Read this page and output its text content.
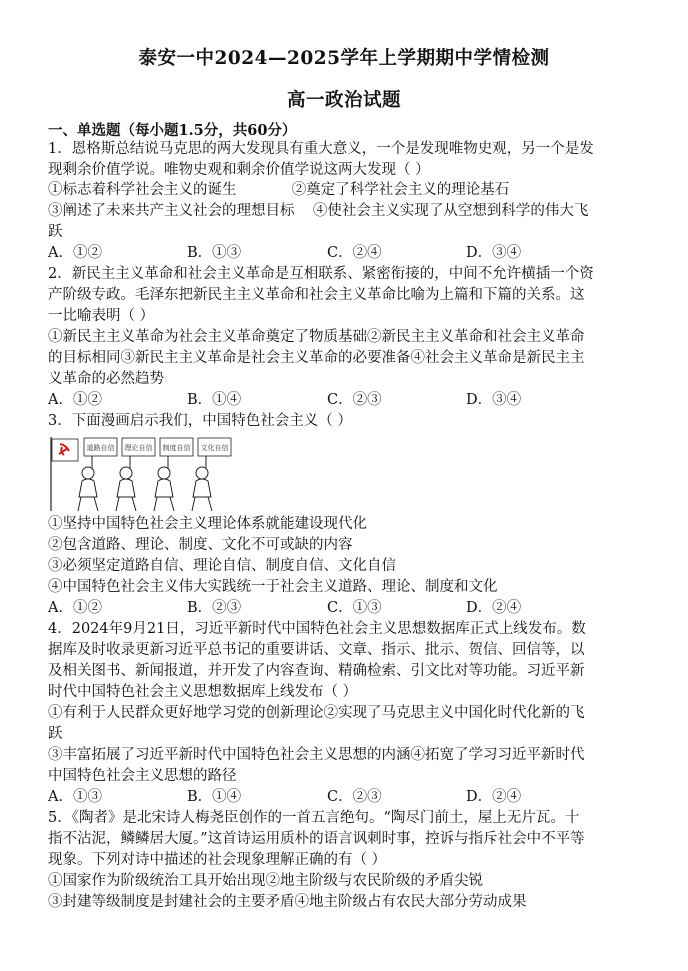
泰安一中2024—2025学年上学期期中学情检测
高一政治试题
一、单选题（每小题1.5分，共60分）
1．恩格斯总结说马克思的两大发现具有重大意义，一个是发现唯物史观，另一个是发
现剩余价值学说。唯物史观和剩余价值学说这两大发现（ ）
①标志着科学社会主义的诞生            ②奠定了科学社会主义的理论基石
③阐述了未来共产主义社会的理想目标    ④使社会主义实现了从空想到科学的伟大飞
跃
A．①②	B．①③	C．②④	D．③④
2．新民主主义革命和社会主义革命是互相联系、紧密衔接的，中间不允许横插一个资
产阶级专政。毛泽东把新民主主义革命和社会主义革命比喻为上篇和下篇的关系。这
一比喻表明（ ）
①新民主主义革命为社会主义革命奠定了物质基础②新民主主义革命和社会主义革命
的目标相同③新民主主义革命是社会主义革命的必要准备④社会主义革命是新民主主
义革命的必然趋势
A．①②	B．①④	C．②③	D．③④
3．下面漫画启示我们，中国特色社会主义（ ）
道路自信 理论自信 制度自信 文化自信
①坚持中国特色社会主义理论体系就能建设现代化
②包含道路、理论、制度、文化不可或缺的内容
③必须坚定道路自信、理论自信、制度自信、文化自信
④中国特色社会主义伟大实践统一于社会主义道路、理论、制度和文化
A．①②	B．②③	C．①③	D．②④
4．2024年9月21日，习近平新时代中国特色社会主义思想数据库正式上线发布。数
据库及时收录更新习近平总书记的重要讲话、文章、指示、批示、贺信、回信等，以
及相关图书、新闻报道，并开发了内容查询、精确检索、引文比对等功能。习近平新
时代中国特色社会主义思想数据库上线发布（ ）
①有利于人民群众更好地学习党的创新理论②实现了马克思主义中国化时代化新的飞
跃
③丰富拓展了习近平新时代中国特色社会主义思想的内涵④拓宽了学习习近平新时代
中国特色社会主义思想的路径
A．①③	B．①④	C．②③	D．②④
5．《陶者》是北宋诗人梅尧臣创作的一首五言绝句。“陶尽门前土，屋上无片瓦。十
指不沾泥，鳞鳞居大厦。”这首诗运用质朴的语言讽刺时事，控诉与指斥社会中不平等
现象。下列对诗中描述的社会现象理解正确的有（ ）
①国家作为阶级统治工具开始出现②地主阶级与农民阶级的矛盾尖锐
③封建等级制度是封建社会的主要矛盾④地主阶级占有农民大部分劳动成果
